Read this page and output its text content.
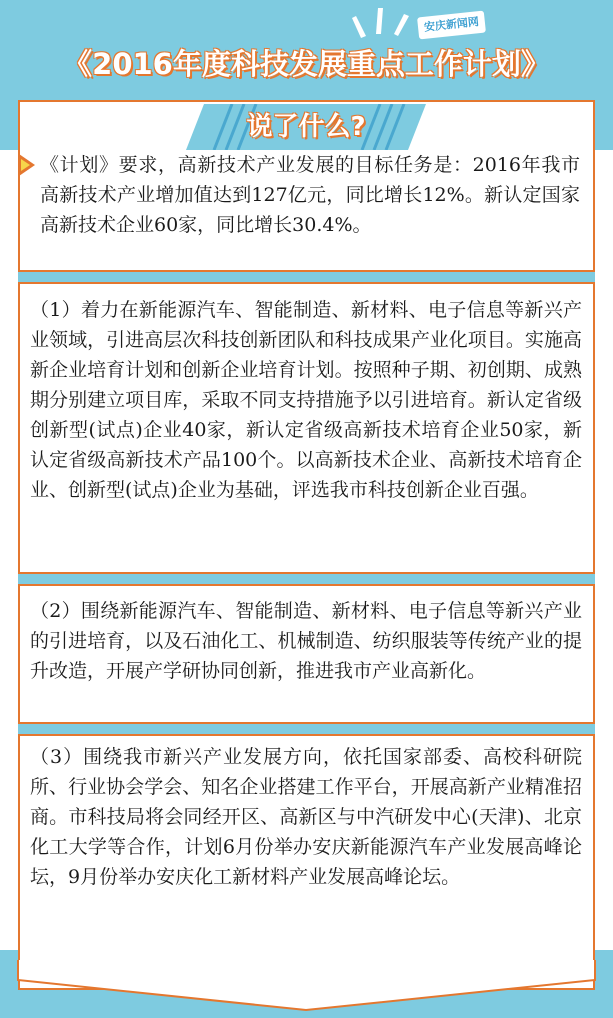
安庆新闻网
《2016年度科技发展重点工作计划》
说了什么?

《计划》要求，高新技术产业发展的目标任务是：2016年我市高新技术产业增加值达到127亿元，同比增长12%。新认定国家高新技术企业60家，同比增长30.4%。

（1）着力在新能源汽车、智能制造、新材料、电子信息等新兴产业领域，引进高层次科技创新团队和科技成果产业化项目。实施高新企业培育计划和创新企业培育计划。按照种子期、初创期、成熟期分别建立项目库，采取不同支持措施予以引进培育。新认定省级创新型(试点)企业40家，新认定省级高新技术培育企业50家，新认定省级高新技术产品100个。以高新技术企业、高新技术培育企业、创新型(试点)企业为基础，评选我市科技创新企业百强。

（2）围绕新能源汽车、智能制造、新材料、电子信息等新兴产业的引进培育，以及石油化工、机械制造、纺织服装等传统产业的提升改造，开展产学研协同创新，推进我市产业高新化。

（3）围绕我市新兴产业发展方向，依托国家部委、高校科研院所、行业协会学会、知名企业搭建工作平台，开展高新产业精准招商。市科技局将会同经开区、高新区与中汽研发中心(天津)、北京化工大学等合作，计划6月份举办安庆新能源汽车产业发展高峰论坛，9月份举办安庆化工新材料产业发展高峰论坛。
